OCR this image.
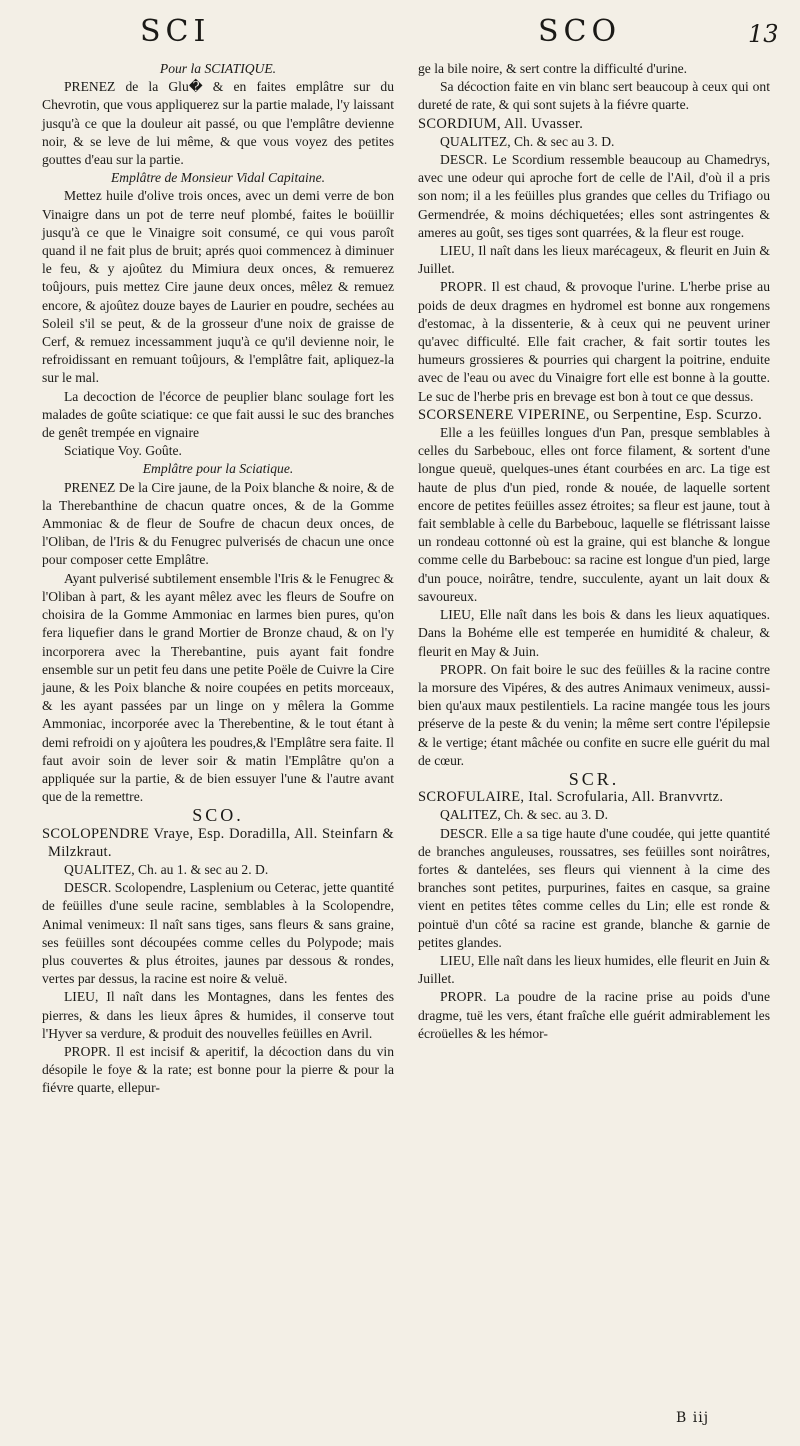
SCI	SCO	13

Pour la SCIATIQUE.

PRENEZ de la Glu� & en faites emplâtre sur du Chevrotin, que vous appliquerez sur la partie malade, l'y laissant jusqu'à ce que la douleur ait passé, ou que l'emplâtre devienne noir, & se leve de lui même, & que vous voyez des petites gouttes d'eau sur la partie.

Emplâtre de Monsieur Vidal Capitaine.

Mettez huile d'olive trois onces, avec un demi verre de bon Vinaigre dans un pot de terre neuf plombé, faites le boüillir jusqu'à ce que le Vinaigre soit consumé, ce qui vous paroît quand il ne fait plus de bruit; aprés quoi commencez à diminuer le feu, & y ajoûtez du Mimiura deux onces, & remuerez toûjours, puis mettez Cire jaune deux onces, mêlez & remuez encore, & ajoûtez douze bayes de Laurier en poudre, sechées au Soleil s'il se peut, & de la grosseur d'une noix de graisse de Cerf, & remuez incessamment juqu'à ce qu'il devienne noir, le refroidissant en remuant toûjours, & l'emplâtre fait, apliquez-la sur le mal.

La decoction de l'écorce de peuplier blanc soulage fort les malades de goûte sciatique: ce que fait aussi le suc des branches de genêt trempée en vignaire

Sciatique Voy. Goûte.

Emplâtre pour la Sciatique.

PRENEZ De la Cire jaune, de la Poix blanche & noire, & de la Therebanthine de chacun quatre onces, & de la Gomme Ammoniac & de fleur de Soufre de chacun deux onces, de l'Oliban, de l'Iris & du Fenugrec pulverisés de chacun une once pour composer cette Emplâtre.

Ayant pulverisé subtilement ensemble l'Iris & le Fenugrec & l'Oliban à part, & les ayant mêlez avec les fleurs de Soufre on choisira de la Gomme Ammoniac en larmes bien pures, qu'on fera liquefier dans le grand Mortier de Bronze chaud, & on l'y incorporera avec la Therebantine, puis ayant fait fondre ensemble sur un petit feu dans une petite Poële de Cuivre la Cire jaune, & les Poix blanche & noire coupées en petits morceaux, & les ayant passées par un linge on y mêlera la Gomme Ammoniac, incorporée avec la Therebentine, & le tout étant à demi refroidi on y ajoûtera les poudres,& l'Emplâtre sera faite. Il faut avoir soin de lever soir & matin l'Emplâtre qu'on a appliquée sur la partie, & de bien essuyer l'une & l'autre avant que de la remettre.

SCO.

SCOLOPENDRE Vraye, Esp. Doradilla, All. Steinfarn & Milzkraut.

QUALITEZ, Ch. au 1. & sec au 2. D.

DESCR. Scolopendre, Lasplenium ou Ceterac, jette quantité de feüilles d'une seule racine, semblables à la Scolopendre, Animal venimeux: Il naît sans tiges, sans fleurs & sans graine, ses feüilles sont découpées comme celles du Polypode; mais plus couvertes & plus étroites, jaunes par dessous & rondes, vertes par dessus, la racine est noire & veluë.

LIEU, Il naît dans les Montagnes, dans les fentes des pierres, & dans les lieux âpres & humides, il conserve tout l'Hyver sa verdure, & produit des nouvelles feüilles en Avril.

PROPR. Il est incisif & aperitif, la décoction dans du vin désopile le foye & la rate; est bonne pour la pierre & pour la fiévre quarte, ellepur-

ge la bile noire, & sert contre la difficulté d'urine.

Sa décoction faite en vin blanc sert beaucoup à ceux qui ont dureté de rate, & qui sont sujets à la fiévre quarte.

SCORDIUM, All. Uvasser.

QUALITEZ, Ch. & sec au 3. D.

DESCR. Le Scordium ressemble beaucoup au Chamedrys, avec une odeur qui aproche fort de celle de l'Ail, d'où il a pris son nom; il a les feüilles plus grandes que celles du Trifiago ou Germendrée, & moins déchiquetées; elles sont astringentes & ameres au goût, ses tiges sont quarrées, & la fleur est rouge.

LIEU, Il naît dans les lieux marécageux, & fleurit en Juin & Juillet.

PROPR. Il est chaud, & provoque l'urine. L'herbe prise au poids de deux dragmes en hydromel est bonne aux rongemens d'estomac, à la dissenterie, & à ceux qui ne peuvent uriner qu'avec difficulté. Elle fait cracher, & fait sortir toutes les humeurs grossieres & pourries qui chargent la poitrine, enduite avec de l'eau ou avec du Vinaigre fort elle est bonne à la goutte. Le suc de l'herbe pris en brevage est bon à tout ce que dessus.

SCORSENERE VIPERINE, ou Serpentine, Esp. Scurzo.

Elle a les feüilles longues d'un Pan, presque semblables à celles du Sarbebouc, elles ont force filament, & sortent d'une longue queuë, quelques-unes étant courbées en arc. La tige est haute de plus d'un pied, ronde & nouée, de laquelle sortent encore de petites feüilles assez étroites; sa fleur est jaune, tout à fait semblable à celle du Barbebouc, laquelle se flétrissant laisse un rondeau cottonné où est la graine, qui est blanche & longue comme celle du Barbebouc: sa racine est longue d'un pied, large d'un pouce, noirâtre, tendre, succulente, ayant un lait doux & savoureux.

LIEU, Elle naît dans les bois & dans les lieux aquatiques. Dans la Bohéme elle est temperée en humidité & chaleur, & fleurit en May & Juin.

PROPR. On fait boire le suc des feüilles & la racine contre la morsure des Vipéres, & des autres Animaux venimeux, aussi-bien qu'aux maux pestilentiels. La racine mangée tous les jours préserve de la peste & du venin; la même sert contre l'épilepsie & le vertige; étant mâchée ou confite en sucre elle guérit du mal de cœur.

SCR.

SCROFULAIRE, Ital. Scrofularia, All. Branvvrtz.

QALITEZ, Ch. & sec. au 3. D.

DESCR. Elle a sa tige haute d'une coudée, qui jette quantité de branches anguleuses, roussatres, ses feüilles sont noirâtres, fortes & dantelées, ses fleurs qui viennent à la cime des branches sont petites, purpurines, faites en casque, sa graine vient en petites têtes comme celles du Lin; elle est ronde & pointuë d'un côté sa racine est grande, blanche & garnie de petites glandes.

LIEU, Elle naît dans les lieux humides, elle fleurit en Juin & Juillet.

PROPR. La poudre de la racine prise au poids d'une dragme, tuë les vers, étant fraîche elle guérit admirablement les écroüelles & les hémor-

B iij
